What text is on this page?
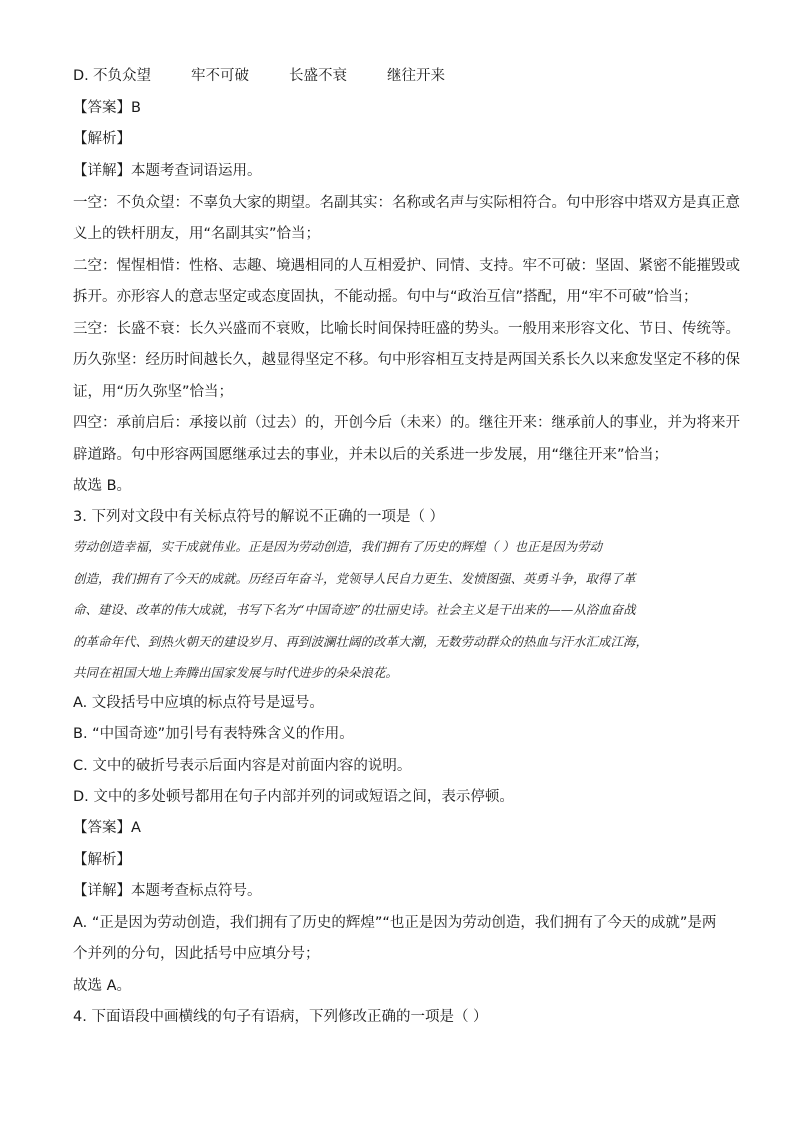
D. 不负众望	牢不可破	长盛不衰	继往开来
【答案】B
【解析】
【详解】本题考查词语运用。
一空：不负众望：不辜负大家的期望。名副其实：名称或名声与实际相符合。句中形容中塔双方是真正意
义上的铁杆朋友，用“名副其实”恰当；
二空：惺惺相惜：性格、志趣、境遇相同的人互相爱护、同情、支持。牢不可破：坚固、紧密不能摧毁或
拆开。亦形容人的意志坚定或态度固执，不能动摇。句中与“政治互信”搭配，用“牢不可破”恰当；
三空：长盛不衰：长久兴盛而不衰败，比喻长时间保持旺盛的势头。一般用来形容文化、节日、传统等。
历久弥坚：经历时间越长久，越显得坚定不移。句中形容相互支持是两国关系长久以来愈发坚定不移的保
证，用“历久弥坚”恰当；
四空：承前启后：承接以前（过去）的，开创今后（未来）的。继往开来：继承前人的事业，并为将来开
辟道路。句中形容两国愿继承过去的事业，并未以后的关系进一步发展，用“继往开来”恰当；
故选 B。
3. 下列对文段中有关标点符号的解说不正确的一项是（ ）
劳动创造幸福，实干成就伟业。正是因为劳动创造，我们拥有了历史的辉煌（ ）也正是因为劳动
创造，我们拥有了今天的成就。历经百年奋斗，党领导人民自力更生、发愤图强、英勇斗争，取得了革
命、建设、改革的伟大成就，书写下名为“中国奇迹”的壮丽史诗。社会主义是干出来的——从浴血奋战
的革命年代、到热火朝天的建设岁月、再到波澜壮阔的改革大潮，无数劳动群众的热血与汗水汇成江海，
共同在祖国大地上奔腾出国家发展与时代进步的朵朵浪花。
A. 文段括号中应填的标点符号是逗号。
B. “中国奇迹”加引号有表特殊含义的作用。
C. 文中的破折号表示后面内容是对前面内容的说明。
D. 文中的多处顿号都用在句子内部并列的词或短语之间，表示停顿。
【答案】A
【解析】
【详解】本题考查标点符号。
A. “正是因为劳动创造，我们拥有了历史的辉煌”“也正是因为劳动创造，我们拥有了今天的成就”是两
个并列的分句，因此括号中应填分号；
故选 A。
4. 下面语段中画横线的句子有语病，下列修改正确的一项是（ ）
